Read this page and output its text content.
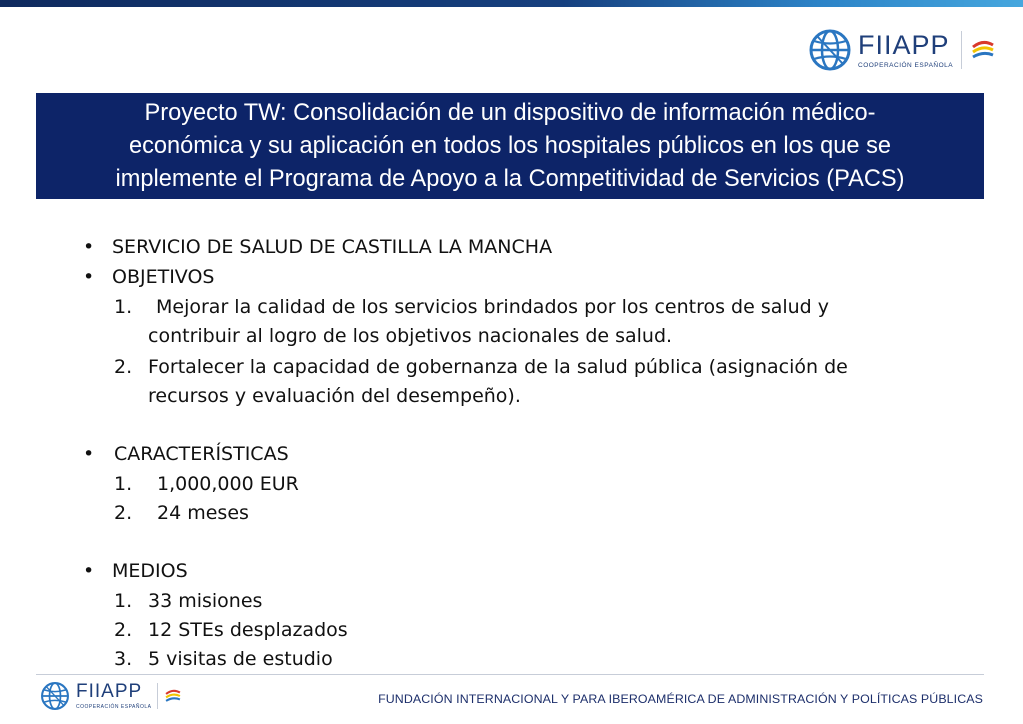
FIIAPP
COOPERACIÓN ESPAÑOLA

Proyecto TW: Consolidación de un dispositivo de información médico-
económica y su aplicación en todos los hospitales públicos en los que se
implemente el Programa de Apoyo a la Competitividad de Servicios (PACS)

• SERVICIO DE SALUD DE CASTILLA LA MANCHA
• OBJETIVOS
1. Mejorar la calidad de los servicios brindados por los centros de salud y
contribuir al logro de los objetivos nacionales de salud.
2. Fortalecer la capacidad de gobernanza de la salud pública (asignación de
recursos y evaluación del desempeño).
• CARACTERÍSTICAS
1. 1,000,000 EUR
2. 24 meses
• MEDIOS
1. 33 misiones
2. 12 STEs desplazados
3. 5 visitas de estudio
FIIAPP
COOPERACIÓN ESPAÑOLA
FUNDACIÓN INTERNACIONAL Y PARA IBEROAMÉRICA DE ADMINISTRACIÓN Y POLÍTICAS PÚBLICAS
